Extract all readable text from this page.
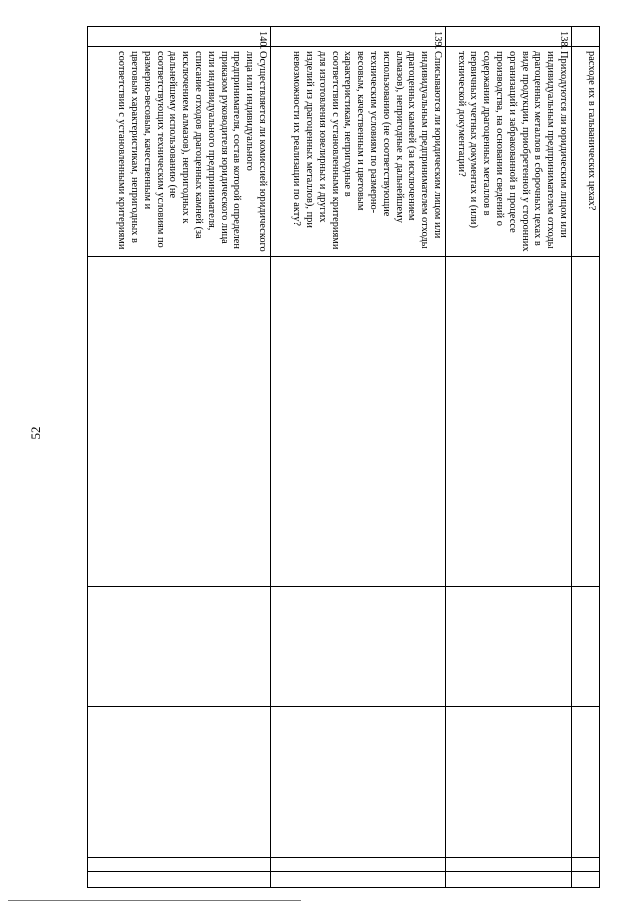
52
	расходе их в гальванических цехах?					
138.	Приходуются ли юридическим лицом или индивидуальным предпринимателем отходы драгоценных металлов в сборочных цехах в виде продукции, приобретенной у сторонних организаций и забракованной в процессе производства, на основании сведений о содержании драгоценных металлов в первичных учетных документах и (или) технической документации?					
139.	Списываются ли юридическим лицом или индивидуальным предпринимателем отходы драгоценных камней (за исключением алмазов), непригодные к дальнейшему использованию (не соответствующие техническим условиям по размерно-весовым, качественным и цветовым характеристикам, непригодные в соответствии с установленными критериями для изготовления ювелирных и других изделий из драгоценных металлов), при невозможности их реализации по акту?					
140.	Осуществляется ли комиссией юридического лица или индивидуального предпринимателя, состав которой определен приказом руководителя юридического лица или индивидуального предпринимателя, списание отходов драгоценных камней (за исключением алмазов), непригодных к дальнейшему использованию (не соответствующих техническим условиям по размерно-весовым, качественным и цветовым характеристикам, непригодных в соответствии с установленными критериями					
